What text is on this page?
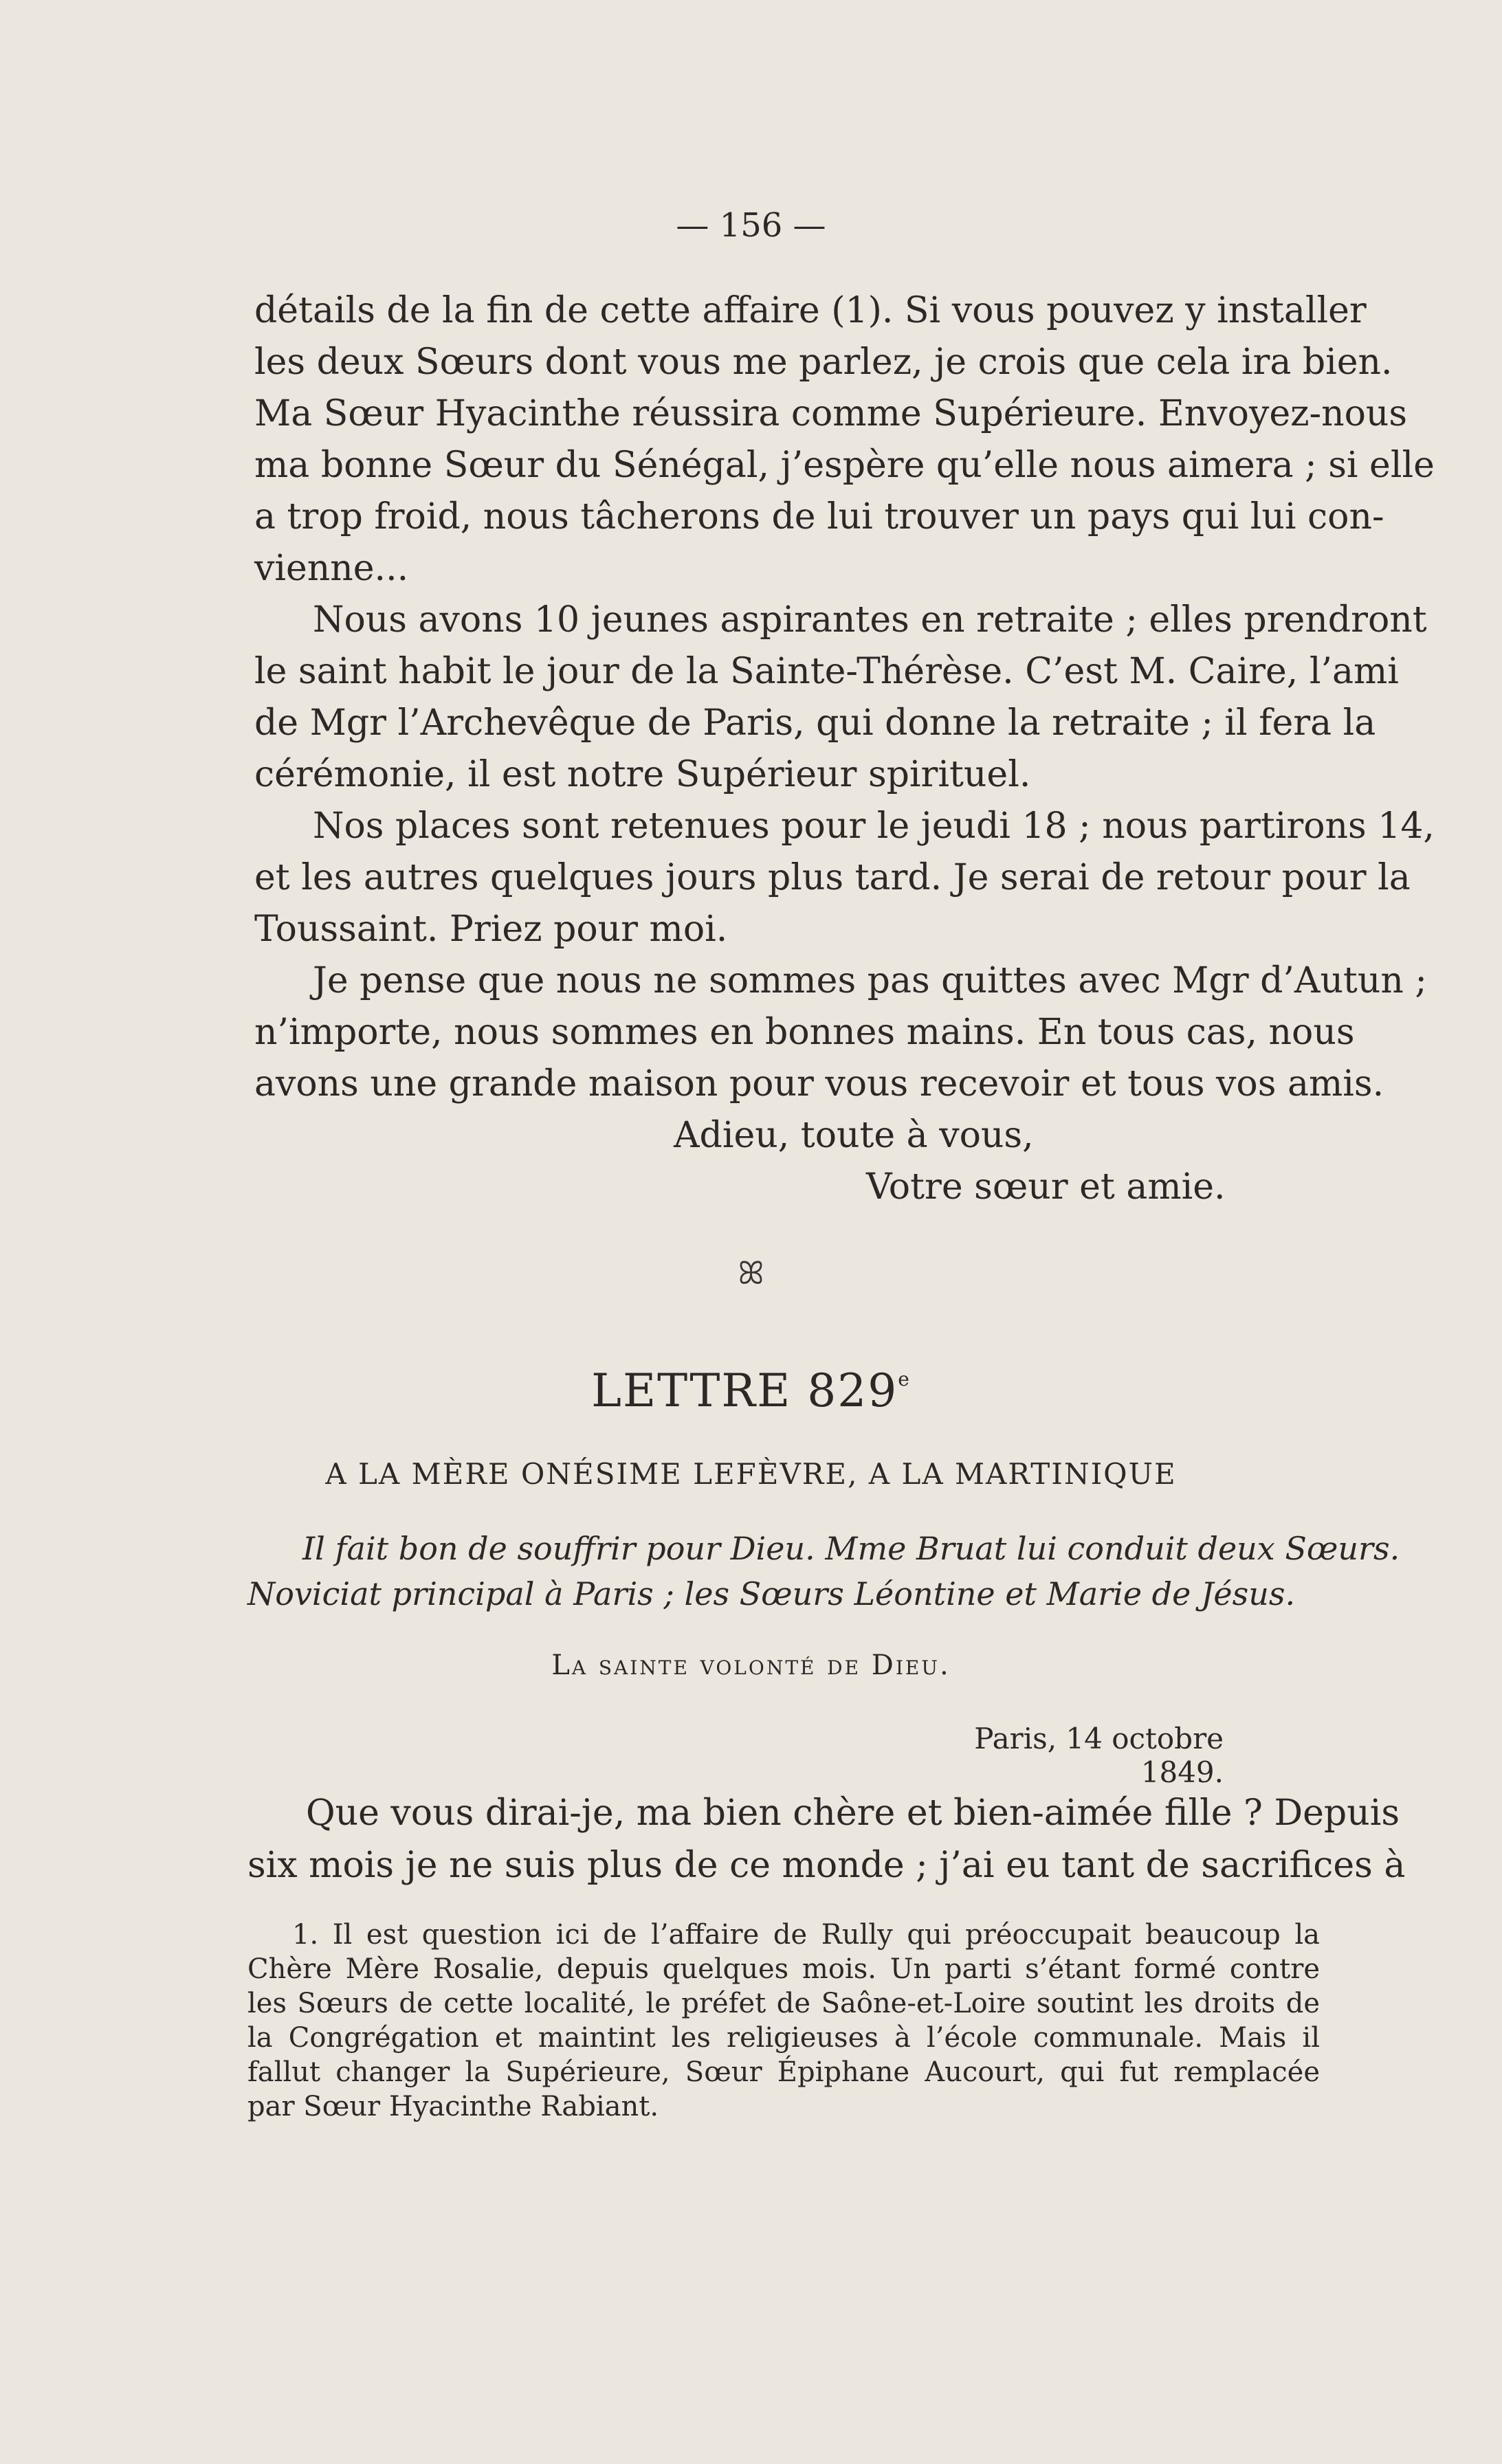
— 156 —
détails de la fin de cette affaire (1). Si vous pouvez y installer
les deux Sœurs dont vous me parlez, je crois que cela ira bien.
Ma Sœur Hyacinthe réussira comme Supérieure. Envoyez-nous
ma bonne Sœur du Sénégal, j’espère qu’elle nous aimera ; si elle
a trop froid, nous tâcherons de lui trouver un pays qui lui con-
vienne...
Nous avons 10 jeunes aspirantes en retraite ; elles prendront
le saint habit le jour de la Sainte-Thérèse. C’est M. Caire, l’ami
de Mgr l’Archevêque de Paris, qui donne la retraite ; il fera la
cérémonie, il est notre Supérieur spirituel.
Nos places sont retenues pour le jeudi 18 ; nous partirons 14,
et les autres quelques jours plus tard. Je serai de retour pour la
Toussaint. Priez pour moi.
Je pense que nous ne sommes pas quittes avec Mgr d’Autun ;
n’importe, nous sommes en bonnes mains. En tous cas, nous
avons une grande maison pour vous recevoir et tous vos amis.
Adieu, toute à vous,
Votre sœur et amie.
ꕤ
LETTRE 829e
A LA MÈRE ONÉSIME LEFÈVRE, A LA MARTINIQUE
Il fait bon de souffrir pour Dieu. Mme Bruat lui conduit deux Sœurs.
Noviciat principal à Paris ; les Sœurs Léontine et Marie de Jésus.
La sainte volonté de Dieu.
Paris, 14 octobre 1849.
Que vous dirai-je, ma bien chère et bien-aimée fille ? Depuis
six mois je ne suis plus de ce monde ; j’ai eu tant de sacrifices à
1. Il est question ici de l’affaire de Rully qui préoccupait beaucoup la
Chère Mère Rosalie, depuis quelques mois. Un parti s’étant formé contre
les Sœurs de cette localité, le préfet de Saône-et-Loire soutint les droits de
la Congrégation et maintint les religieuses à l’école communale. Mais il
fallut changer la Supérieure, Sœur Épiphane Aucourt, qui fut remplacée
par Sœur Hyacinthe Rabiant.
